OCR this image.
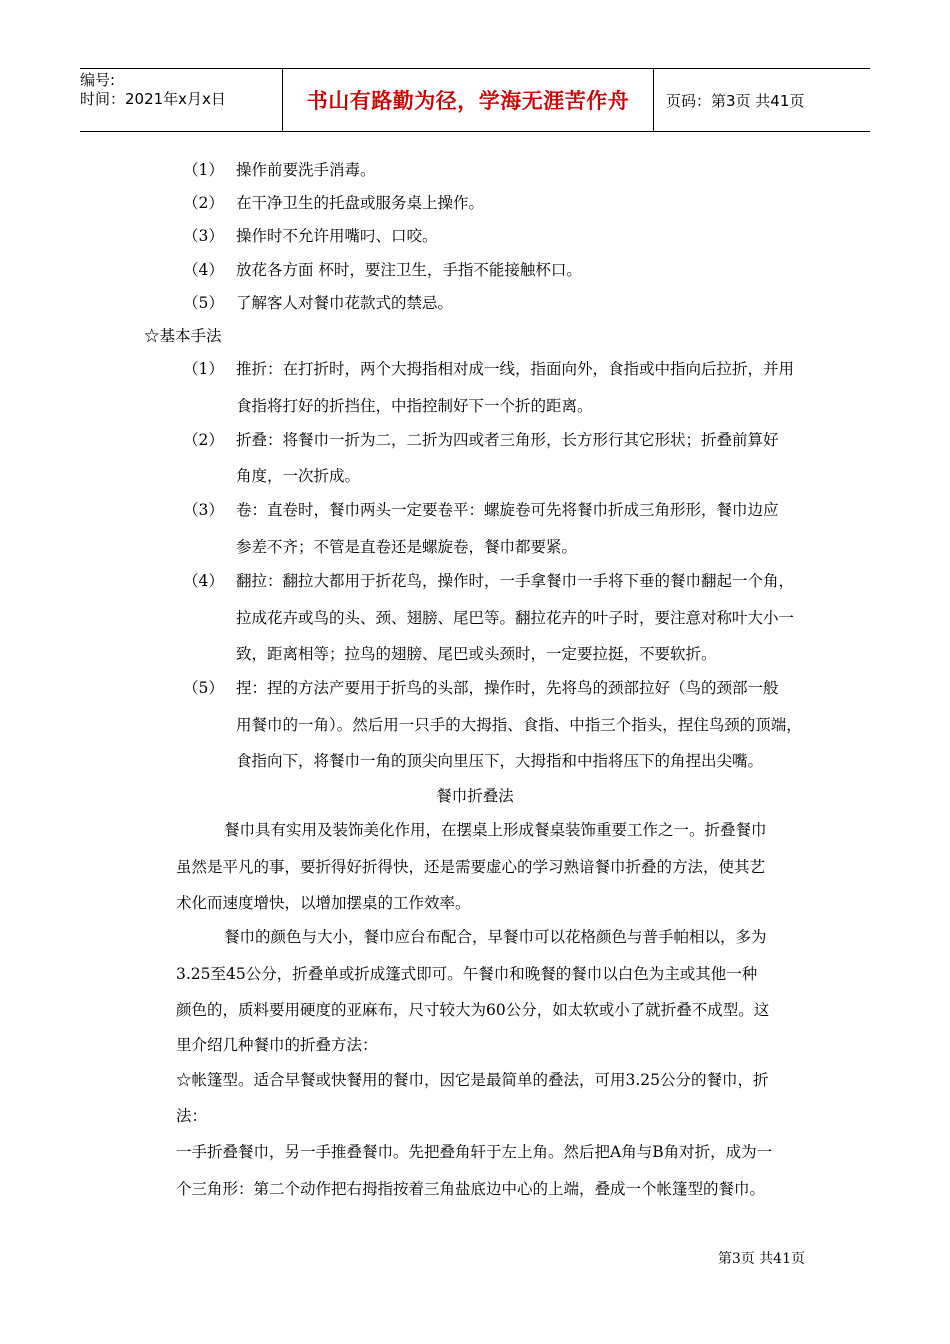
编号:
时间：2021年x月x日	书山有路勤为径，学海无涯苦作舟	页码：第3页 共41页
（1） 操作前要洗手消毒。
（2） 在干净卫生的托盘或服务桌上操作。
（3） 操作时不允许用嘴叼、口咬。
（4） 放花各方面 杯时，要注卫生，手指不能接触杯口。
（5） 了解客人对餐巾花款式的禁忌。
☆基本手法
（1） 推折：在打折时，两个大拇指相对成一线，指面向外，食指或中指向后拉折，并用
食指将打好的折挡住，中指控制好下一个折的距离。
（2） 折叠：将餐巾一折为二，二折为四或者三角形，长方形行其它形状；折叠前算好
角度，一次折成。
（3） 卷：直卷时，餐巾两头一定要卷平：螺旋卷可先将餐巾折成三角形形，餐巾边应
参差不齐；不管是直卷还是螺旋卷，餐巾都要紧。
（4） 翻拉：翻拉大都用于折花鸟，操作时，一手拿餐巾一手将下垂的餐巾翻起一个角，
拉成花卉或鸟的头、颈、翅膀、尾巴等。翻拉花卉的叶子时，要注意对称叶大小一
致，距离相等；拉鸟的翅膀、尾巴或头颈时，一定要拉挺，不要软折。
（5） 捏：捏的方法产要用于折鸟的头部，操作时，先将鸟的颈部拉好（鸟的颈部一般
用餐巾的一角）。然后用一只手的大拇指、食指、中指三个指头，捏住鸟颈的顶端，
食指向下，将餐巾一角的顶尖向里压下，大拇指和中指将压下的角捏出尖嘴。
餐巾折叠法
餐巾具有实用及装饰美化作用，在摆桌上形成餐桌装饰重要工作之一。折叠餐巾
虽然是平凡的事，要折得好折得快，还是需要虚心的学习熟谙餐巾折叠的方法，使其艺
术化而速度增快，以增加摆桌的工作效率。
餐巾的颜色与大小，餐巾应台布配合，早餐巾可以花格颜色与普手帕相以，多为
3.25至45公分，折叠单或折成篷式即可。午餐巾和晚餐的餐巾以白色为主或其他一种
颜色的，质料要用硬度的亚麻布，尺寸较大为60公分，如太软或小了就折叠不成型。这
里介绍几种餐巾的折叠方法：
☆帐篷型。适合早餐或快餐用的餐巾，因它是最简单的叠法，可用3.25公分的餐巾，折
法：
一手折叠餐巾，另一手推叠餐巾。先把叠角轩于左上角。然后把A角与B角对折，成为一
个三角形：第二个动作把右拇指按着三角盐底边中心的上端，叠成一个帐篷型的餐巾。
第3页 共41页
